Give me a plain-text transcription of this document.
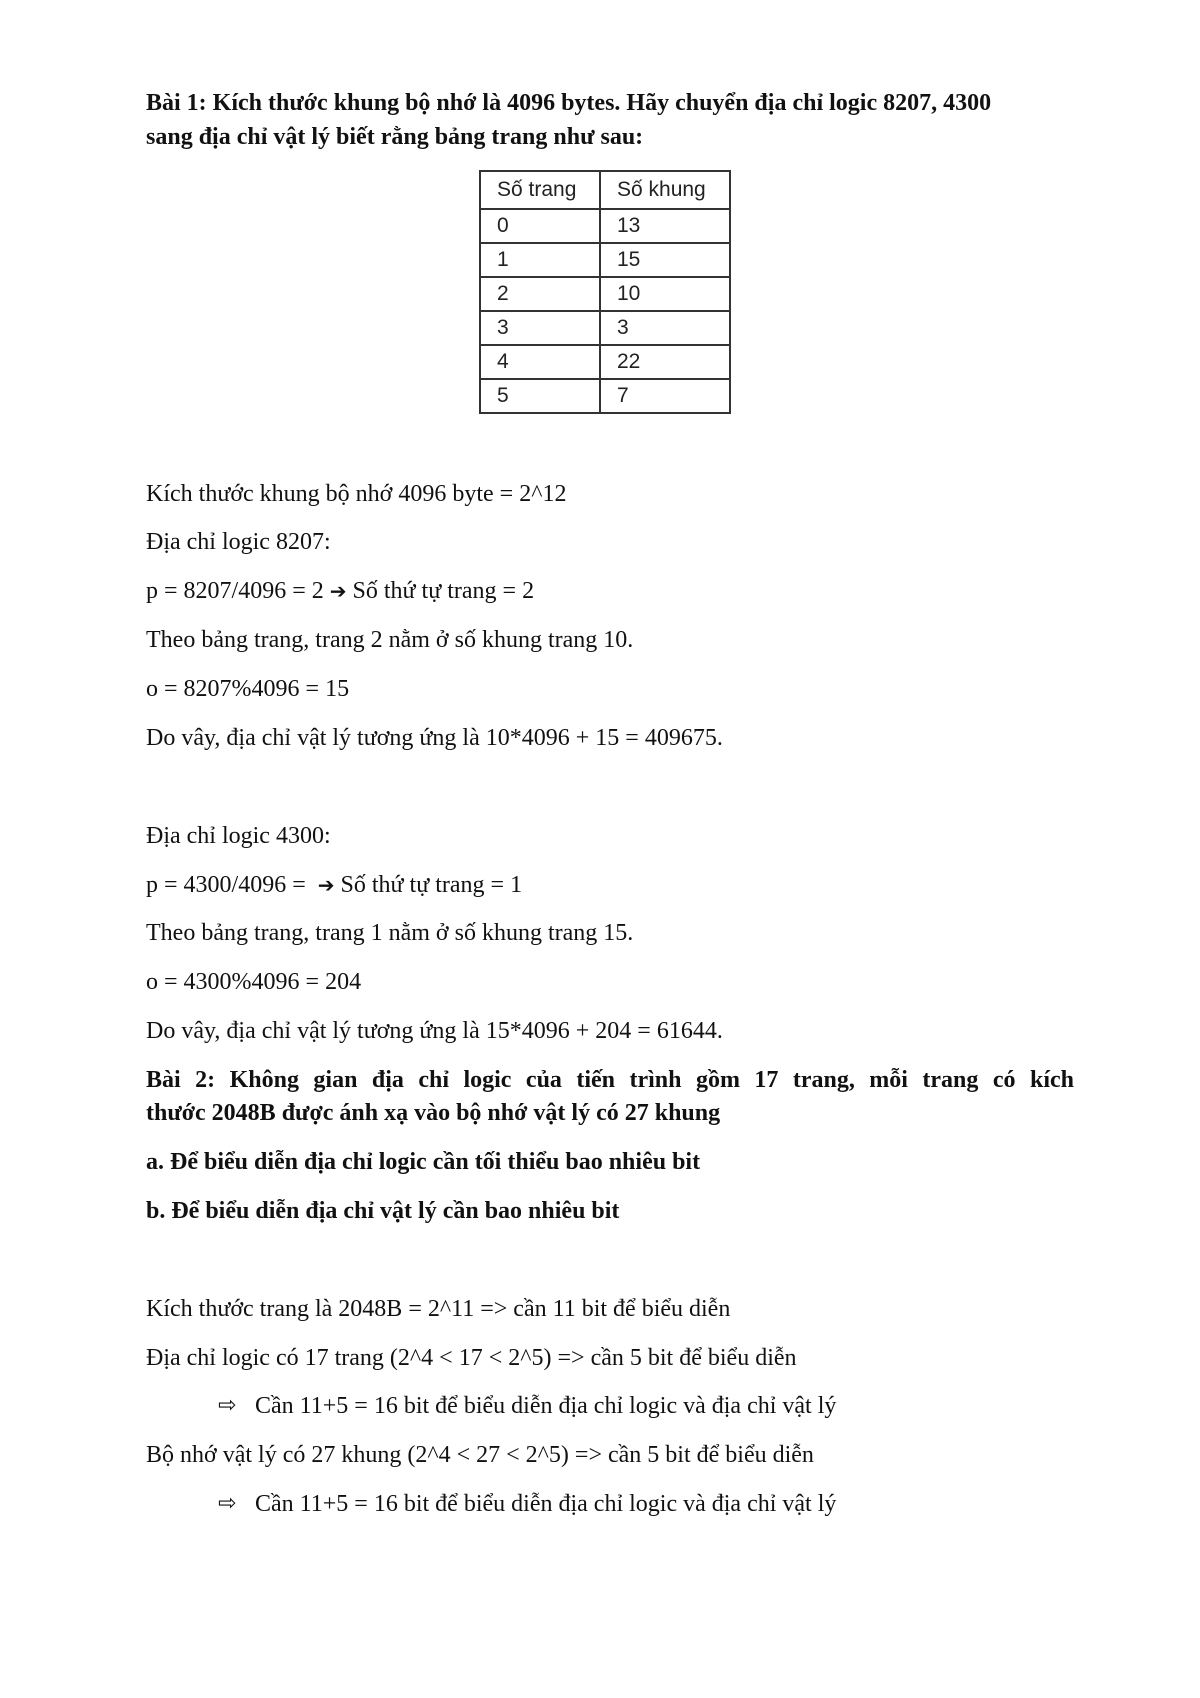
Bài 1: Kích thước khung bộ nhớ là 4096 bytes. Hãy chuyển địa chỉ logic 8207, 4300

sang địa chỉ vật lý biết rằng bảng trang như sau:

Số trang	Số khung
0	13
1	15
2	10
3	3
4	22
5	7

Kích thước khung bộ nhớ 4096 byte = 2^12

Địa chỉ logic 8207:

p = 8207/4096 = 2 ➔ Số thứ tự trang = 2

Theo bảng trang, trang 2 nằm ở số khung trang 10.

o = 8207%4096 = 15

Do vây, địa chỉ vật lý tương ứng là 10*4096 + 15 = 409675.

Địa chỉ logic 4300:

p = 4300/4096 = ➔ Số thứ tự trang = 1

Theo bảng trang, trang 1 nằm ở số khung trang 15.

o = 4300%4096 = 204

Do vây, địa chỉ vật lý tương ứng là 15*4096 + 204 = 61644.

Bài 2: Không gian địa chỉ logic của tiến trình gồm 17 trang, mỗi trang có kích

thước 2048B được ánh xạ vào bộ nhớ vật lý có 27 khung

a. Để biểu diễn địa chỉ logic cần tối thiểu bao nhiêu bit

b. Để biểu diễn địa chỉ vật lý cần bao nhiêu bit

Kích thước trang là 2048B = 2^11 => cần 11 bit để biểu diễn

Địa chỉ logic có 17 trang (2^4 < 17 < 2^5) => cần 5 bit để biểu diễn

⇨ Cần 11+5 = 16 bit để biểu diễn địa chỉ logic và địa chỉ vật lý

Bộ nhớ vật lý có 27 khung (2^4 < 27 < 2^5) => cần 5 bit để biểu diễn

⇨ Cần 11+5 = 16 bit để biểu diễn địa chỉ logic và địa chỉ vật lý
